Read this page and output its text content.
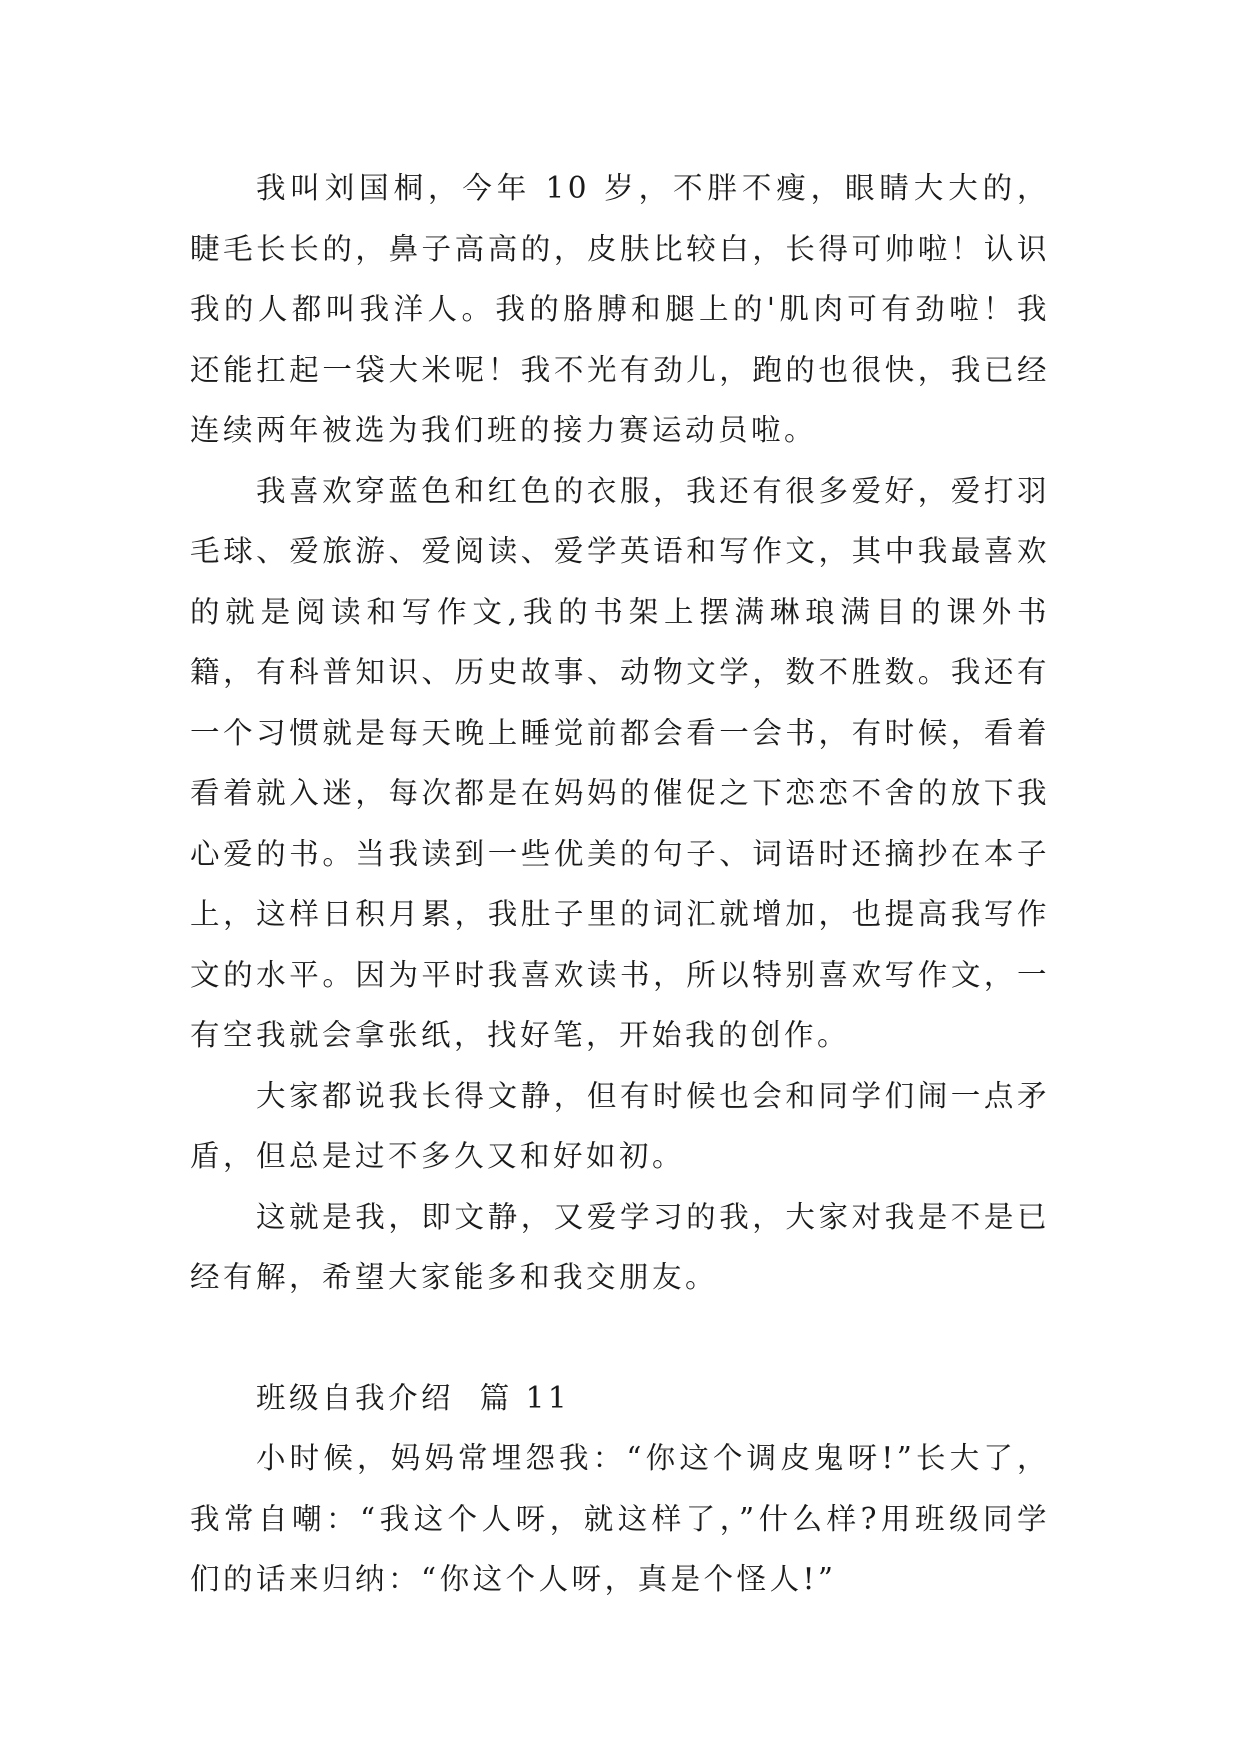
我叫刘国桐，今年 10 岁，不胖不瘦，眼睛大大的，睫毛长长的，鼻子高高的，皮肤比较白，长得可帅啦！认识我的人都叫我洋人。我的胳膊和腿上的'肌肉可有劲啦！我还能扛起一袋大米呢！我不光有劲儿，跑的也很快，我已经连续两年被选为我们班的接力赛运动员啦。

我喜欢穿蓝色和红色的衣服，我还有很多爱好，爱打羽毛球、爱旅游、爱阅读、爱学英语和写作文，其中我最喜欢的就是阅读和写作文,我的书架上摆满琳琅满目的课外书籍，有科普知识、历史故事、动物文学，数不胜数。我还有一个习惯就是每天晚上睡觉前都会看一会书，有时候，看着看着就入迷，每次都是在妈妈的催促之下恋恋不舍的放下我心爱的书。当我读到一些优美的句子、词语时还摘抄在本子上，这样日积月累，我肚子里的词汇就增加，也提高我写作文的水平。因为平时我喜欢读书，所以特别喜欢写作文，一有空我就会拿张纸，找好笔，开始我的创作。

大家都说我长得文静，但有时候也会和同学们闹一点矛盾，但总是过不多久又和好如初。

这就是我，即文静，又爱学习的我，大家对我是不是已经有解，希望大家能多和我交朋友。

班级自我介绍  篇 11

小时候，妈妈常埋怨我：“你这个调皮鬼呀!”长大了，我常自嘲：“我这个人呀，就这样了，”什么样?用班级同学们的话来归纳：“你这个人呀，真是个怪人!”
